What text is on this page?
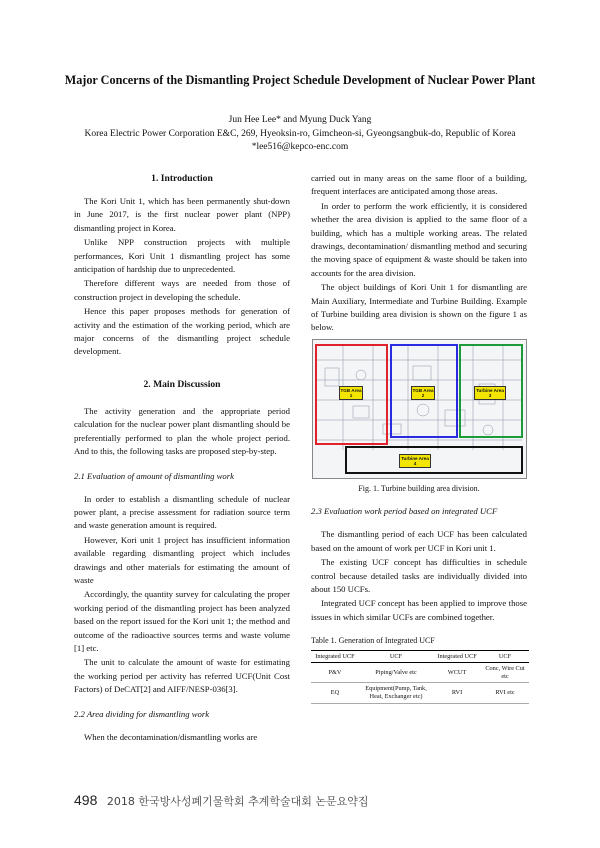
Major Concerns of the Dismantling Project Schedule Development of Nuclear Power Plant
Jun Hee Lee* and Myung Duck Yang
Korea Electric Power Corporation E&C, 269, Hyeoksin-ro, Gimcheon-si, Gyeongsangbuk-do, Republic of Korea
*lee516@kepco-enc.com
1. Introduction

The Kori Unit 1, which has been permanently shut-down in June 2017, is the first nuclear power plant (NPP) dismantling project in Korea.

Unlike NPP construction projects with multiple performances, Kori Unit 1 dismantling project has some anticipation of hardship due to unprecedented.

Therefore different ways are needed from those of construction project in developing the schedule.

Hence this paper proposes methods for generation of activity and the estimation of the working period, which are major concerns of the dismantling project schedule development.

2. Main Discussion

The activity generation and the appropriate period calculation for the nuclear power plant dismantling should be preferentially performed to plan the whole project period. And to this, the following tasks are proposed step-by-step.

2.1 Evaluation of amount of dismantling work

In order to establish a dismantling schedule of nuclear power plant, a precise assessment for radiation source term and waste generation amount is required.

However, Kori unit 1 project has insufficient information available regarding dismantling project which includes drawings and other materials for estimating the amount of waste

Accordingly, the quantity survey for calculating the proper working period of the dismantling project has been analyzed based on the report issued for the Kori unit 1; the method and outcome of the radioactive sources terms and waste volume [1] etc.

The unit to calculate the amount of waste for estimating the working period per activity has referred UCF(Unit Cost Factors) of DeCAT[2] and AIFF/NESP-036[3].

2.2 Area dividing for dismantling work

When the decontamination/dismantling works are

carried out in many areas on the same floor of a building, frequent interfaces are anticipated among those areas.

In order to perform the work efficiently, it is considered whether the area division is applied to the same floor of a building, which has a multiple working areas. The related drawings, decontamination/ dismantling method and securing the moving space of equipment & waste should be taken into accounts for the area division.

The object buildings of Kori Unit 1 for dismantling are Main Auxiliary, Intermediate and Turbine Building. Example of Turbine building area division is shown on the figure 1 as below.

TGB Area 1
TGB Area 2
Turbine Area 3
Turbine Area 4
Fig. 1. Turbine building area division.
2.3 Evaluation work period based on integrated UCF

The dismantling period of each UCF has been calculated based on the amount of work per UCF in Kori unit 1.

The existing UCF concept has difficulties in schedule control because detailed tasks are individually divided into about 150 UCFs.

Integrated UCF concept has been applied to improve those issues in which similar UCFs are combined together.

Table 1. Generation of Integrated UCF
Integrated UCF	UCF	Integrated UCF	UCF
P&V	Piping/Valve etc	WCUT	Conc, Wire Cut etc
EQ	Equipment(Pump, Tank, Heat, Exchanger etc)	RVI	RVI etc
498 2018 한국방사성폐기물학회 추계학술대회 논문요약집
